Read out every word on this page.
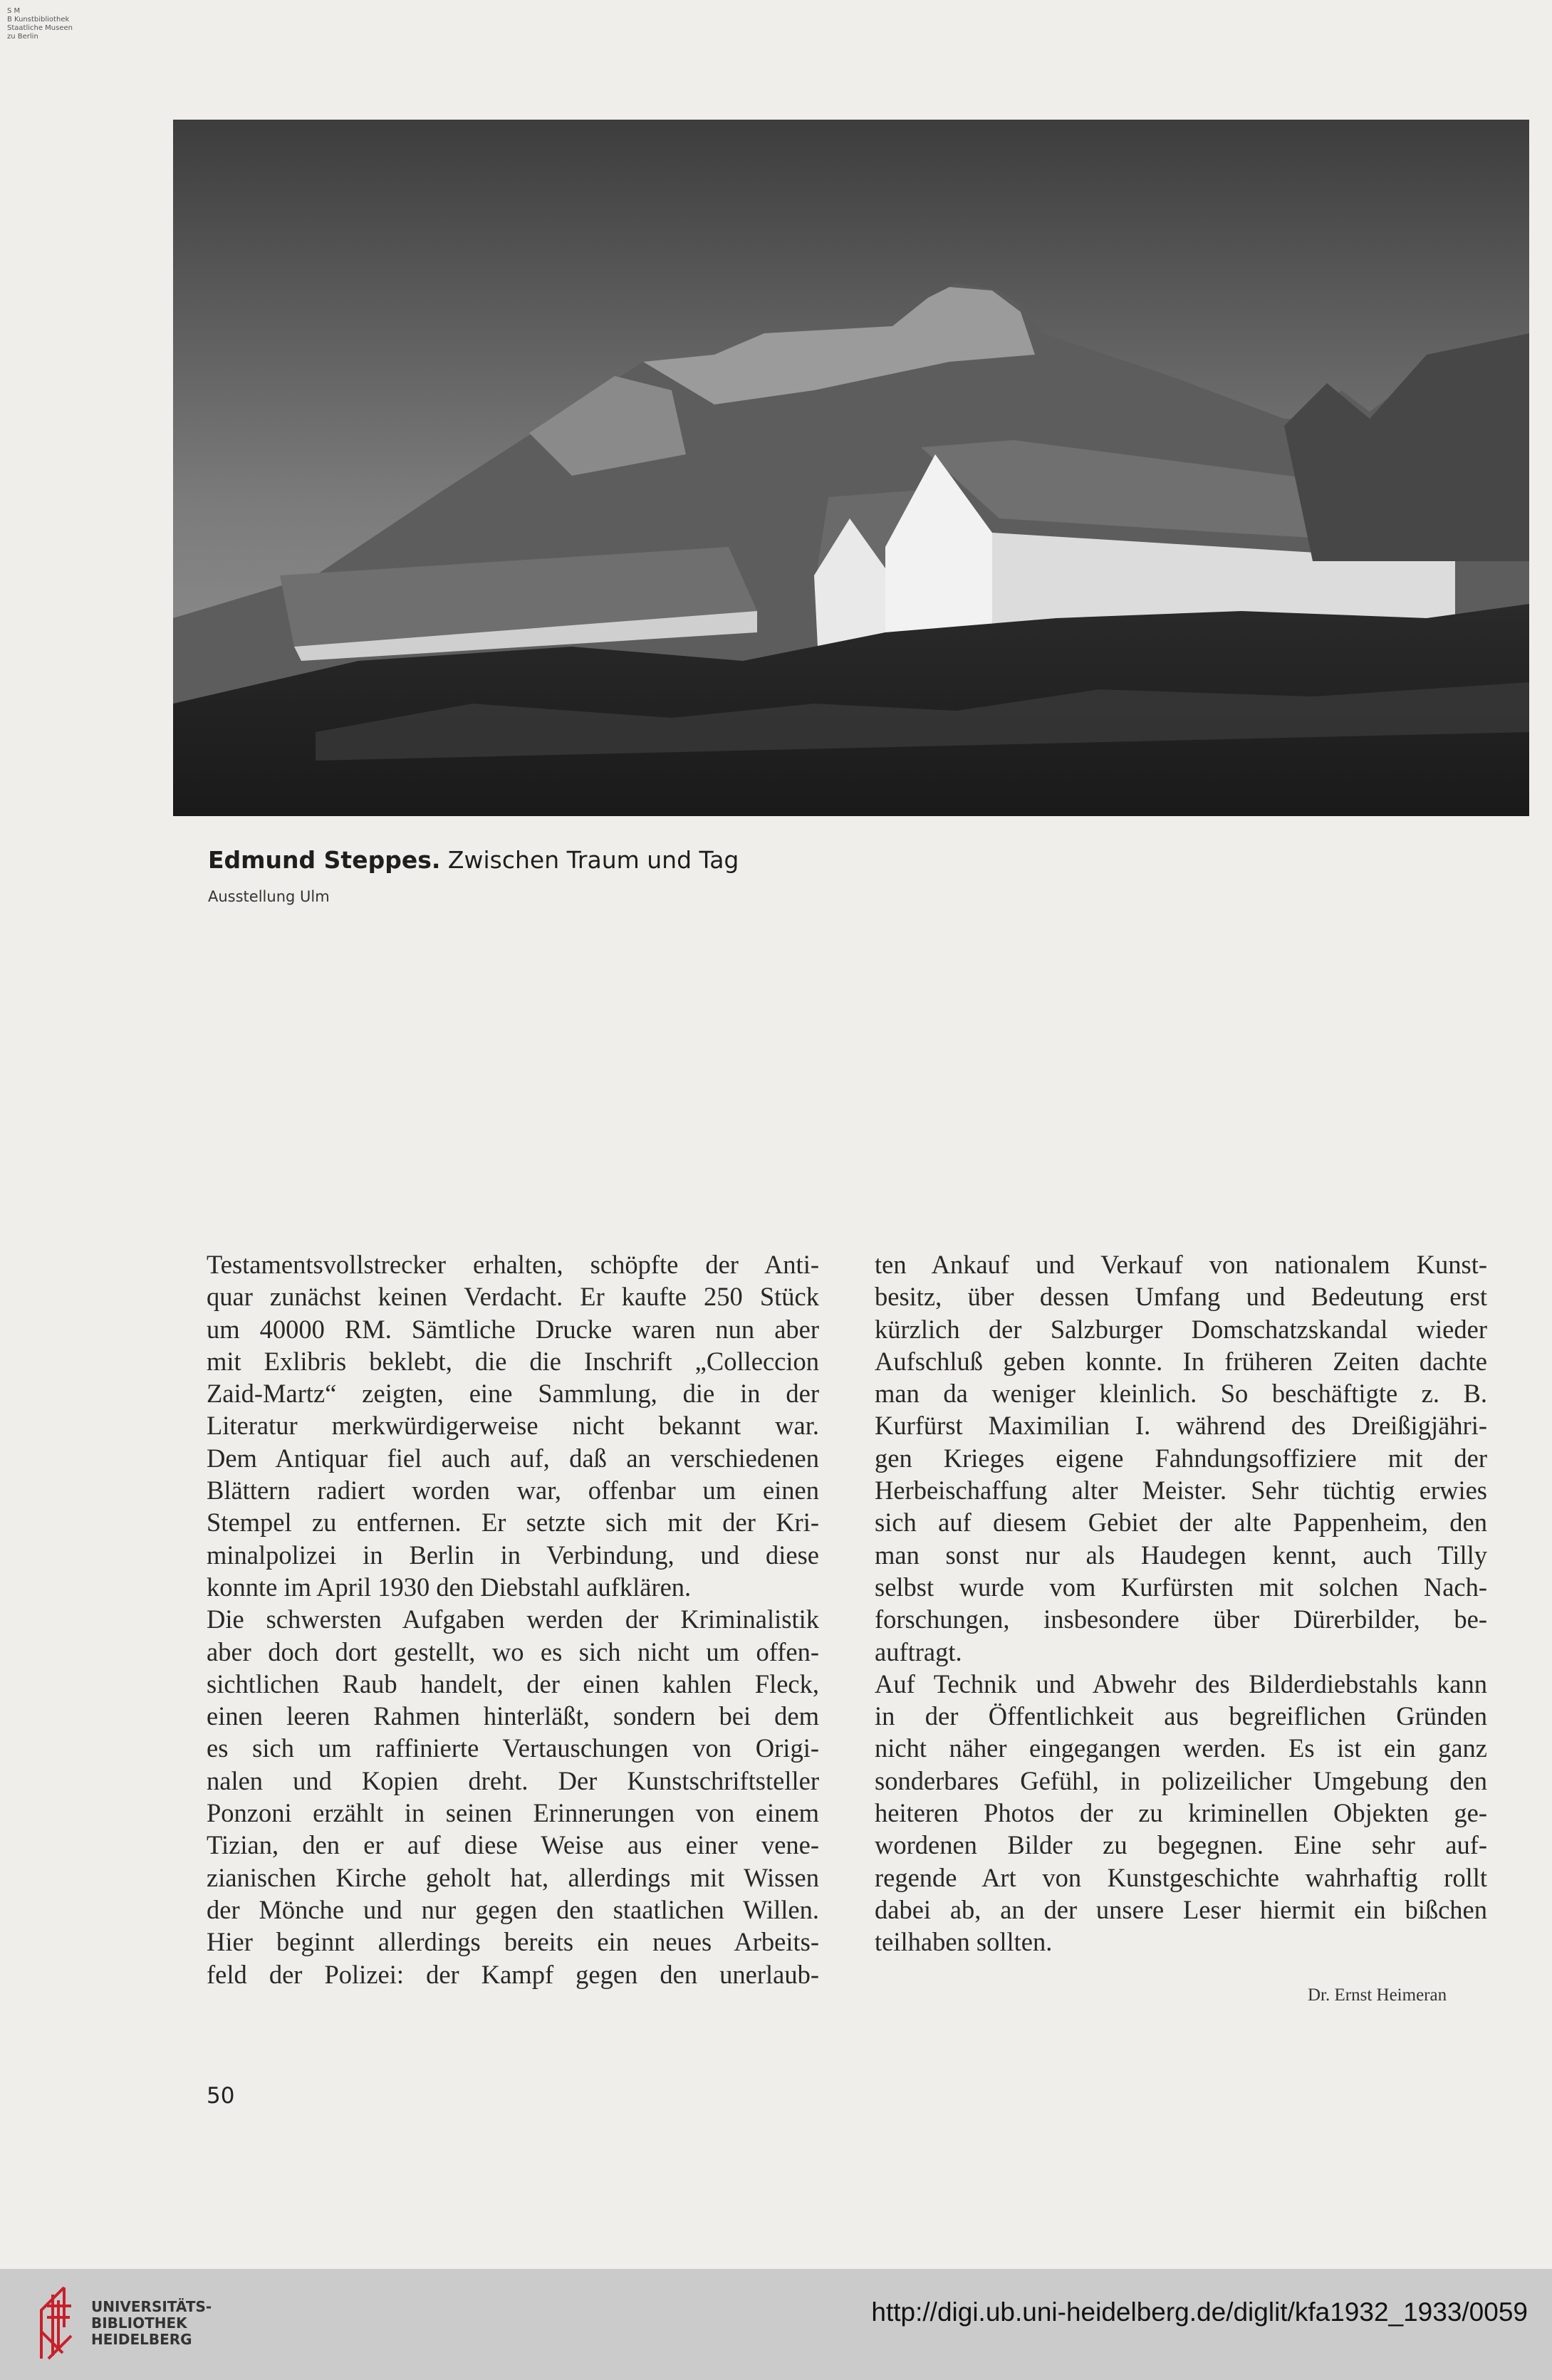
S M
B Kunstbibliothek
Staatliche Museen
zu Berlin
Edmund Steppes. Zwischen Traum und Tag
Ausstellung Ulm
Testamentsvollstrecker erhalten, schöpfte der Anti-
quar zunächst keinen Verdacht. Er kaufte 250 Stück
um 40000 RM. Sämtliche Drucke waren nun aber
mit Exlibris beklebt, die die Inschrift „Colleccion
Zaid-Martz“ zeigten, eine Sammlung, die in der
Literatur merkwürdigerweise nicht bekannt war.
Dem Antiquar fiel auch auf, daß an verschiedenen
Blättern radiert worden war, offenbar um einen
Stempel zu entfernen. Er setzte sich mit der Kri-
minalpolizei in Berlin in Verbindung, und diese
konnte im April 1930 den Diebstahl aufklären.
Die schwersten Aufgaben werden der Kriminalistik
aber doch dort gestellt, wo es sich nicht um offen-
sichtlichen Raub handelt, der einen kahlen Fleck,
einen leeren Rahmen hinterläßt, sondern bei dem
es sich um raffinierte Vertauschungen von Origi-
nalen und Kopien dreht. Der Kunstschriftsteller
Ponzoni erzählt in seinen Erinnerungen von einem
Tizian, den er auf diese Weise aus einer vene-
zianischen Kirche geholt hat, allerdings mit Wissen
der Mönche und nur gegen den staatlichen Willen.
Hier beginnt allerdings bereits ein neues Arbeits-
feld der Polizei: der Kampf gegen den unerlaub-
ten Ankauf und Verkauf von nationalem Kunst-
besitz, über dessen Umfang und Bedeutung erst
kürzlich der Salzburger Domschatzskandal wieder
Aufschluß geben konnte. In früheren Zeiten dachte
man da weniger kleinlich. So beschäftigte z. B.
Kurfürst Maximilian I. während des Dreißigjähri-
gen Krieges eigene Fahndungsoffiziere mit der
Herbeischaffung alter Meister. Sehr tüchtig erwies
sich auf diesem Gebiet der alte Pappenheim, den
man sonst nur als Haudegen kennt, auch Tilly
selbst wurde vom Kurfürsten mit solchen Nach-
forschungen, insbesondere über Dürerbilder, be-
auftragt.
Auf Technik und Abwehr des Bilderdiebstahls kann
in der Öffentlichkeit aus begreiflichen Gründen
nicht näher eingegangen werden. Es ist ein ganz
sonderbares Gefühl, in polizeilicher Umgebung den
heiteren Photos der zu kriminellen Objekten ge-
wordenen Bilder zu begegnen. Eine sehr auf-
regende Art von Kunstgeschichte wahrhaftig rollt
dabei ab, an der unsere Leser hiermit ein bißchen
teilhaben sollten.
Dr. Ernst Heimeran
50
UNIVERSITÄTS-
BIBLIOTHEK
HEIDELBERG
http://digi.ub.uni-heidelberg.de/diglit/kfa1932_1933/0059
